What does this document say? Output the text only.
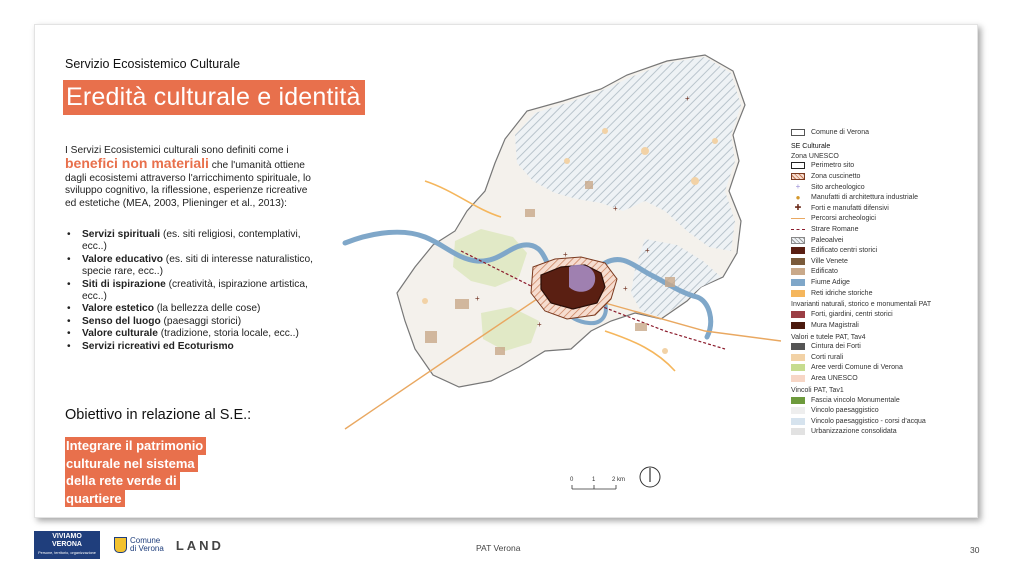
Servizio Ecosistemico Culturale
Eredità culturale e identità
I Servizi Ecosistemici culturali sono definiti come i
benefici non materiali che l'umanità ottiene dagli ecosistemi attraverso l'arricchimento spirituale, lo sviluppo cognitivo, la riflessione, esperienze ricreative ed estetiche (MEA, 2003, Plieninger et al., 2013):
• Servizi spirituali (es. siti religiosi, contemplativi, ecc..)
• Valore educativo (es. siti di interesse naturalistico, specie rare, ecc..)
• Siti di ispirazione (creatività, ispirazione artistica, ecc..)
• Valore estetico (la bellezza delle cose)
• Senso del luogo (paesaggi storici)
• Valore culturale (tradizione, storia locale, ecc..)
• Servizi ricreativi ed Ecoturismo
Obiettivo in relazione al S.E.:
Integrare il patrimonio
culturale nel sistema
della rete verde di
quartiere
+
+
+
+
+
+
+
0	1	2 km
Comune di Verona
SE Culturale
Zona UNESCO
Perimetro sito
Zona cuscinetto
+	Sito archeologico
●	Manufatti di architettura industriale
✚	Forti e manufatti difensivi
Percorsi archeologici
Strare Romane
Paleoalvei
Edificato centri storici
Ville Venete
Edificato
Fiume Adige
Reti idriche storiche
Invarianti naturali, storico e monumentali PAT
Forti, giardini, centri storici
Mura Magistrali
Valori e tutele PAT, Tav4
Cintura dei Forti
Corti rurali
Aree verdi Comune di Verona
Area UNESCO
Vincoli PAT, Tav1
Fascia vincolo Monumentale
Vincolo paesaggistico
Vincolo paesaggistico - corsi d'acqua
Urbanizzazione consolidata
VIVIAMO
VERONA
Persone, territorio, organizzazione
Comune
di Verona LAND	PAT Verona	30
